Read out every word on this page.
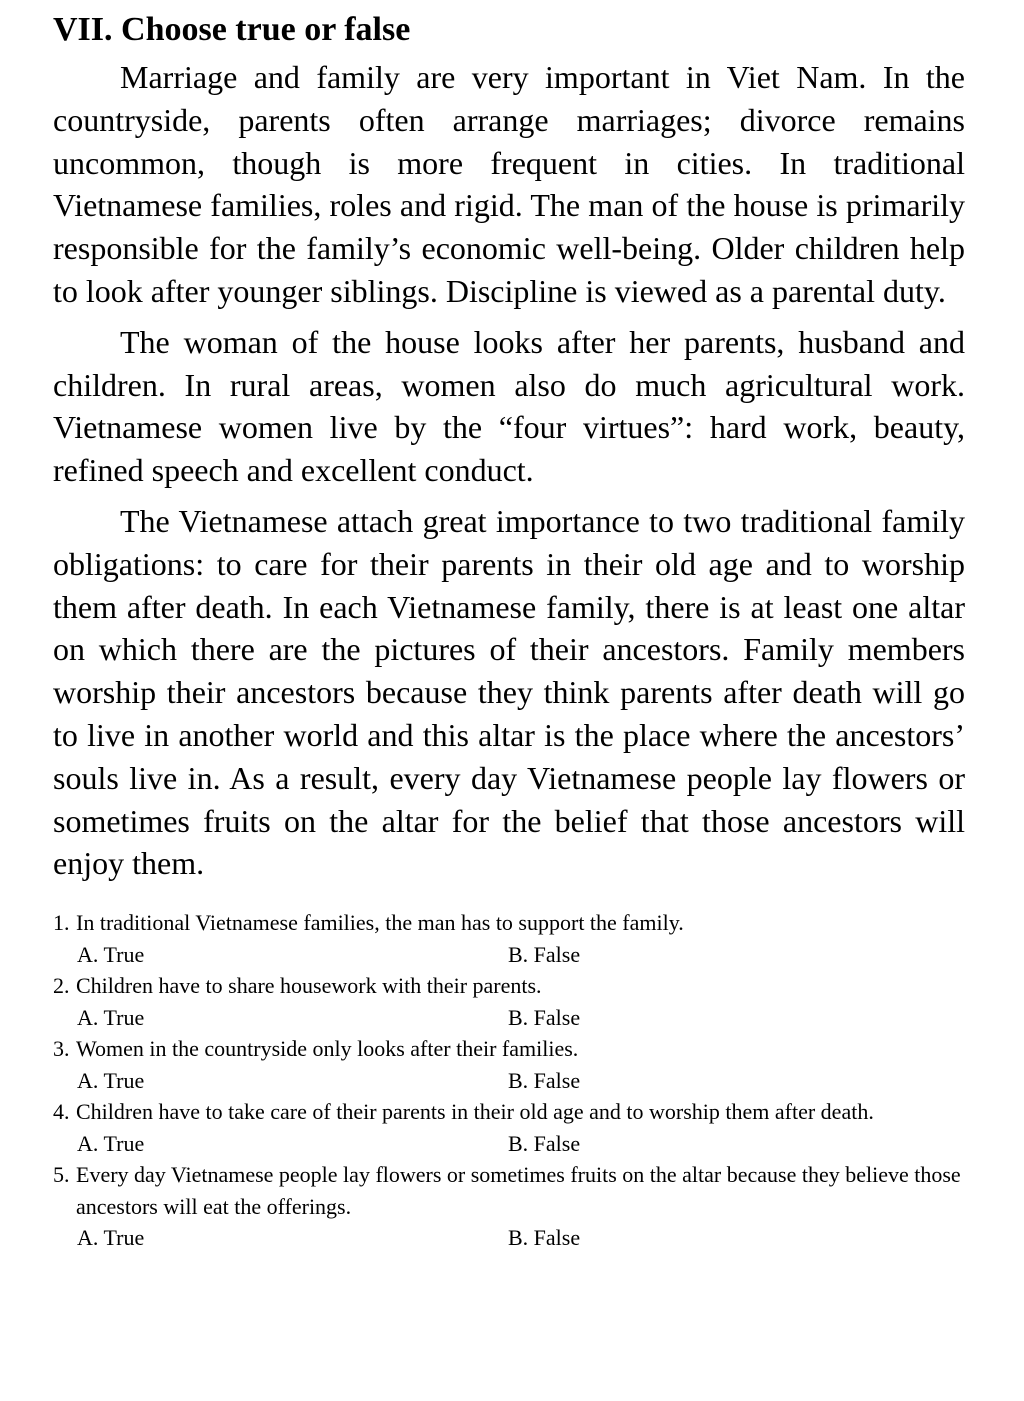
VII. Choose true or false

Marriage and family are very important in Viet Nam. In the countryside, parents often arrange marriages; divorce remains uncommon, though is more frequent in cities. In traditional Vietnamese families, roles and rigid. The man of the house is primarily responsible for the family’s economic well-being. Older children help to look after younger siblings. Discipline is viewed as a parental duty.

The woman of the house looks after her parents, husband and children. In rural areas, women also do much agricultural work. Vietnamese women live by the “four virtues”: hard work, beauty, refined speech and excellent conduct.

The Vietnamese attach great importance to two traditional family obligations: to care for their parents in their old age and to worship them after death. In each Vietnamese family, there is at least one altar on which there are the pictures of their ancestors. Family members worship their ancestors because they think parents after death will go to live in another world and this altar is the place where the ancestors’ souls live in. As a result, every day Vietnamese people lay flowers or sometimes fruits on the altar for the belief that those ancestors will enjoy them.

1. In traditional Vietnamese families, the man has to support the family.
A. True	B. False
2. Children have to share housework with their parents.
A. True	B. False
3. Women in the countryside only looks after their families.
A. True	B. False
4. Children have to take care of their parents in their old age and to worship them after death.
A. True	B. False
5. Every day Vietnamese people lay flowers or sometimes fruits on the altar because they believe those ancestors will eat the offerings.
A. True	B. False
